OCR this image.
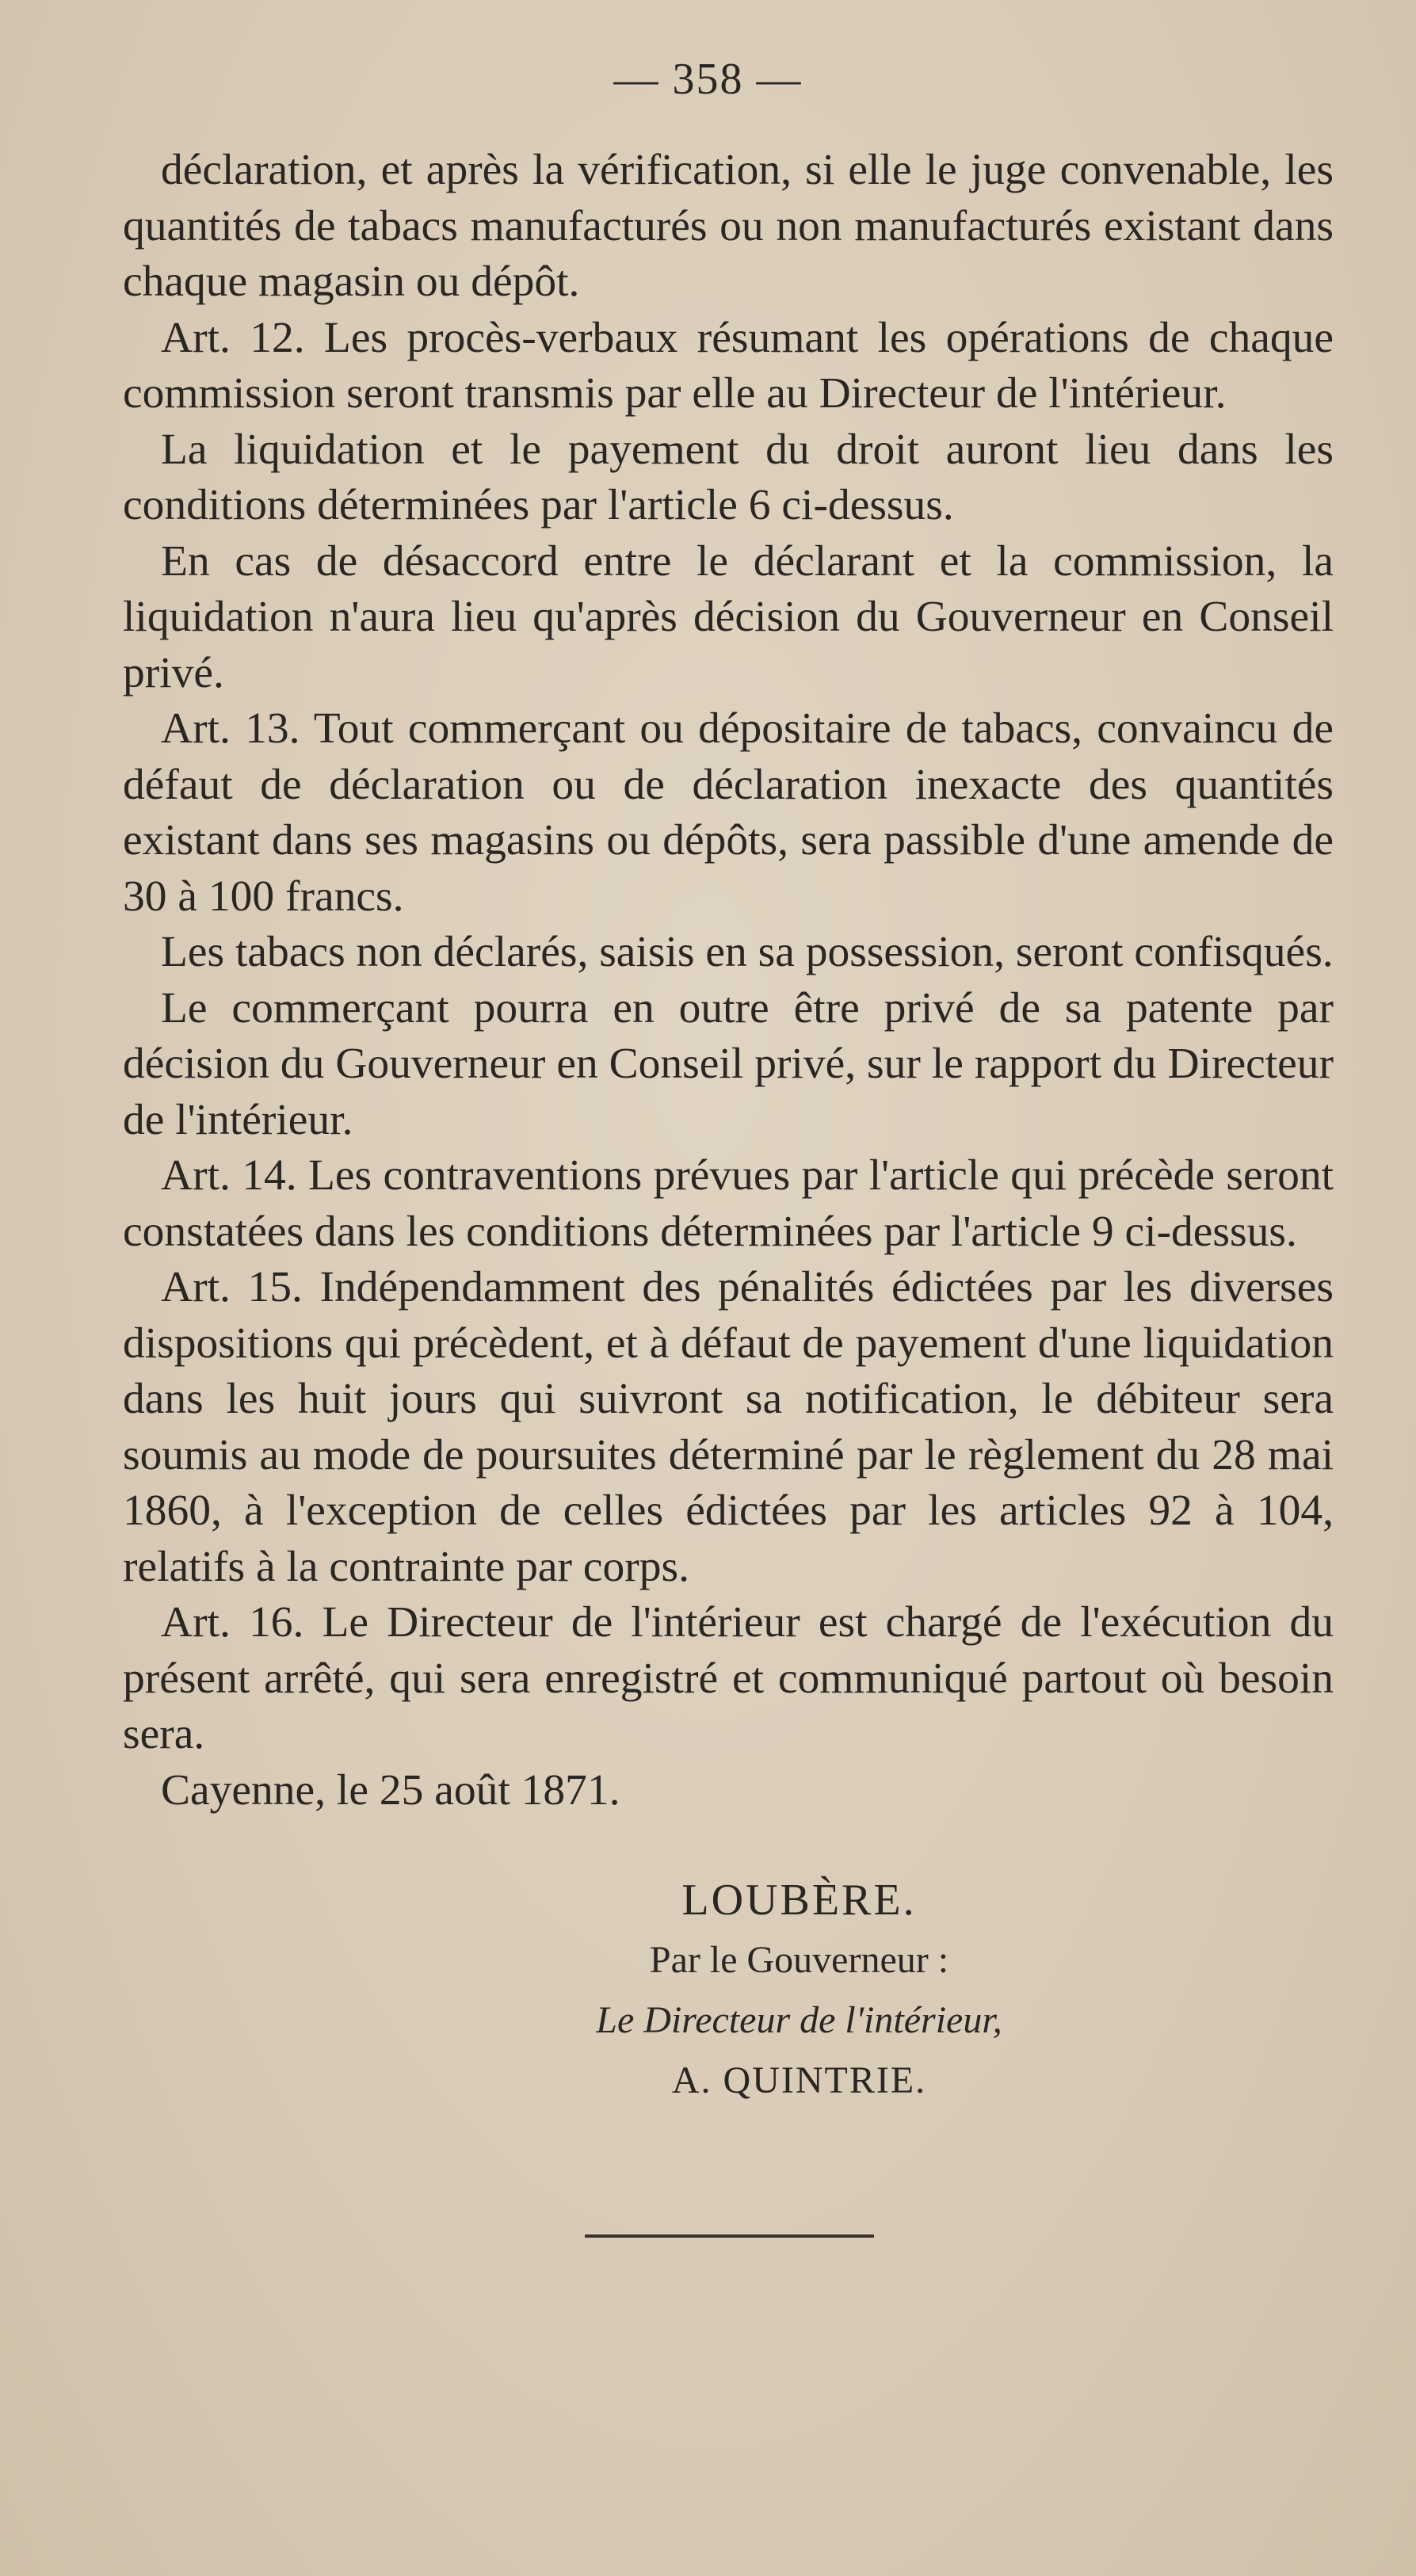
— 358 —

déclaration, et après la vérification, si elle le juge convenable, les quantités de tabacs manufacturés ou non manufacturés existant dans chaque magasin ou dépôt.

Art. 12. Les procès-verbaux résumant les opérations de chaque commission seront transmis par elle au Directeur de l'intérieur.

La liquidation et le payement du droit auront lieu dans les conditions déterminées par l'article 6 ci-dessus.

En cas de désaccord entre le déclarant et la commission, la liquidation n'aura lieu qu'après décision du Gouverneur en Conseil privé.

Art. 13. Tout commerçant ou dépositaire de tabacs, convaincu de défaut de déclaration ou de déclaration inexacte des quantités existant dans ses magasins ou dépôts, sera passible d'une amende de 30 à 100 francs.

Les tabacs non déclarés, saisis en sa possession, seront confisqués.

Le commerçant pourra en outre être privé de sa patente par décision du Gouverneur en Conseil privé, sur le rapport du Directeur de l'intérieur.

Art. 14. Les contraventions prévues par l'article qui précède seront constatées dans les conditions déterminées par l'article 9 ci-dessus.

Art. 15. Indépendamment des pénalités édictées par les diverses dispositions qui précèdent, et à défaut de payement d'une liquidation dans les huit jours qui suivront sa notification, le débiteur sera soumis au mode de poursuites déterminé par le règlement du 28 mai 1860, à l'exception de celles édictées par les articles 92 à 104, relatifs à la contrainte par corps.

Art. 16. Le Directeur de l'intérieur est chargé de l'exécution du présent arrêté, qui sera enregistré et communiqué partout où besoin sera.

Cayenne, le 25 août 1871.

LOUBÈRE.
Par le Gouverneur :
Le Directeur de l'intérieur,
A. QUINTRIE.
